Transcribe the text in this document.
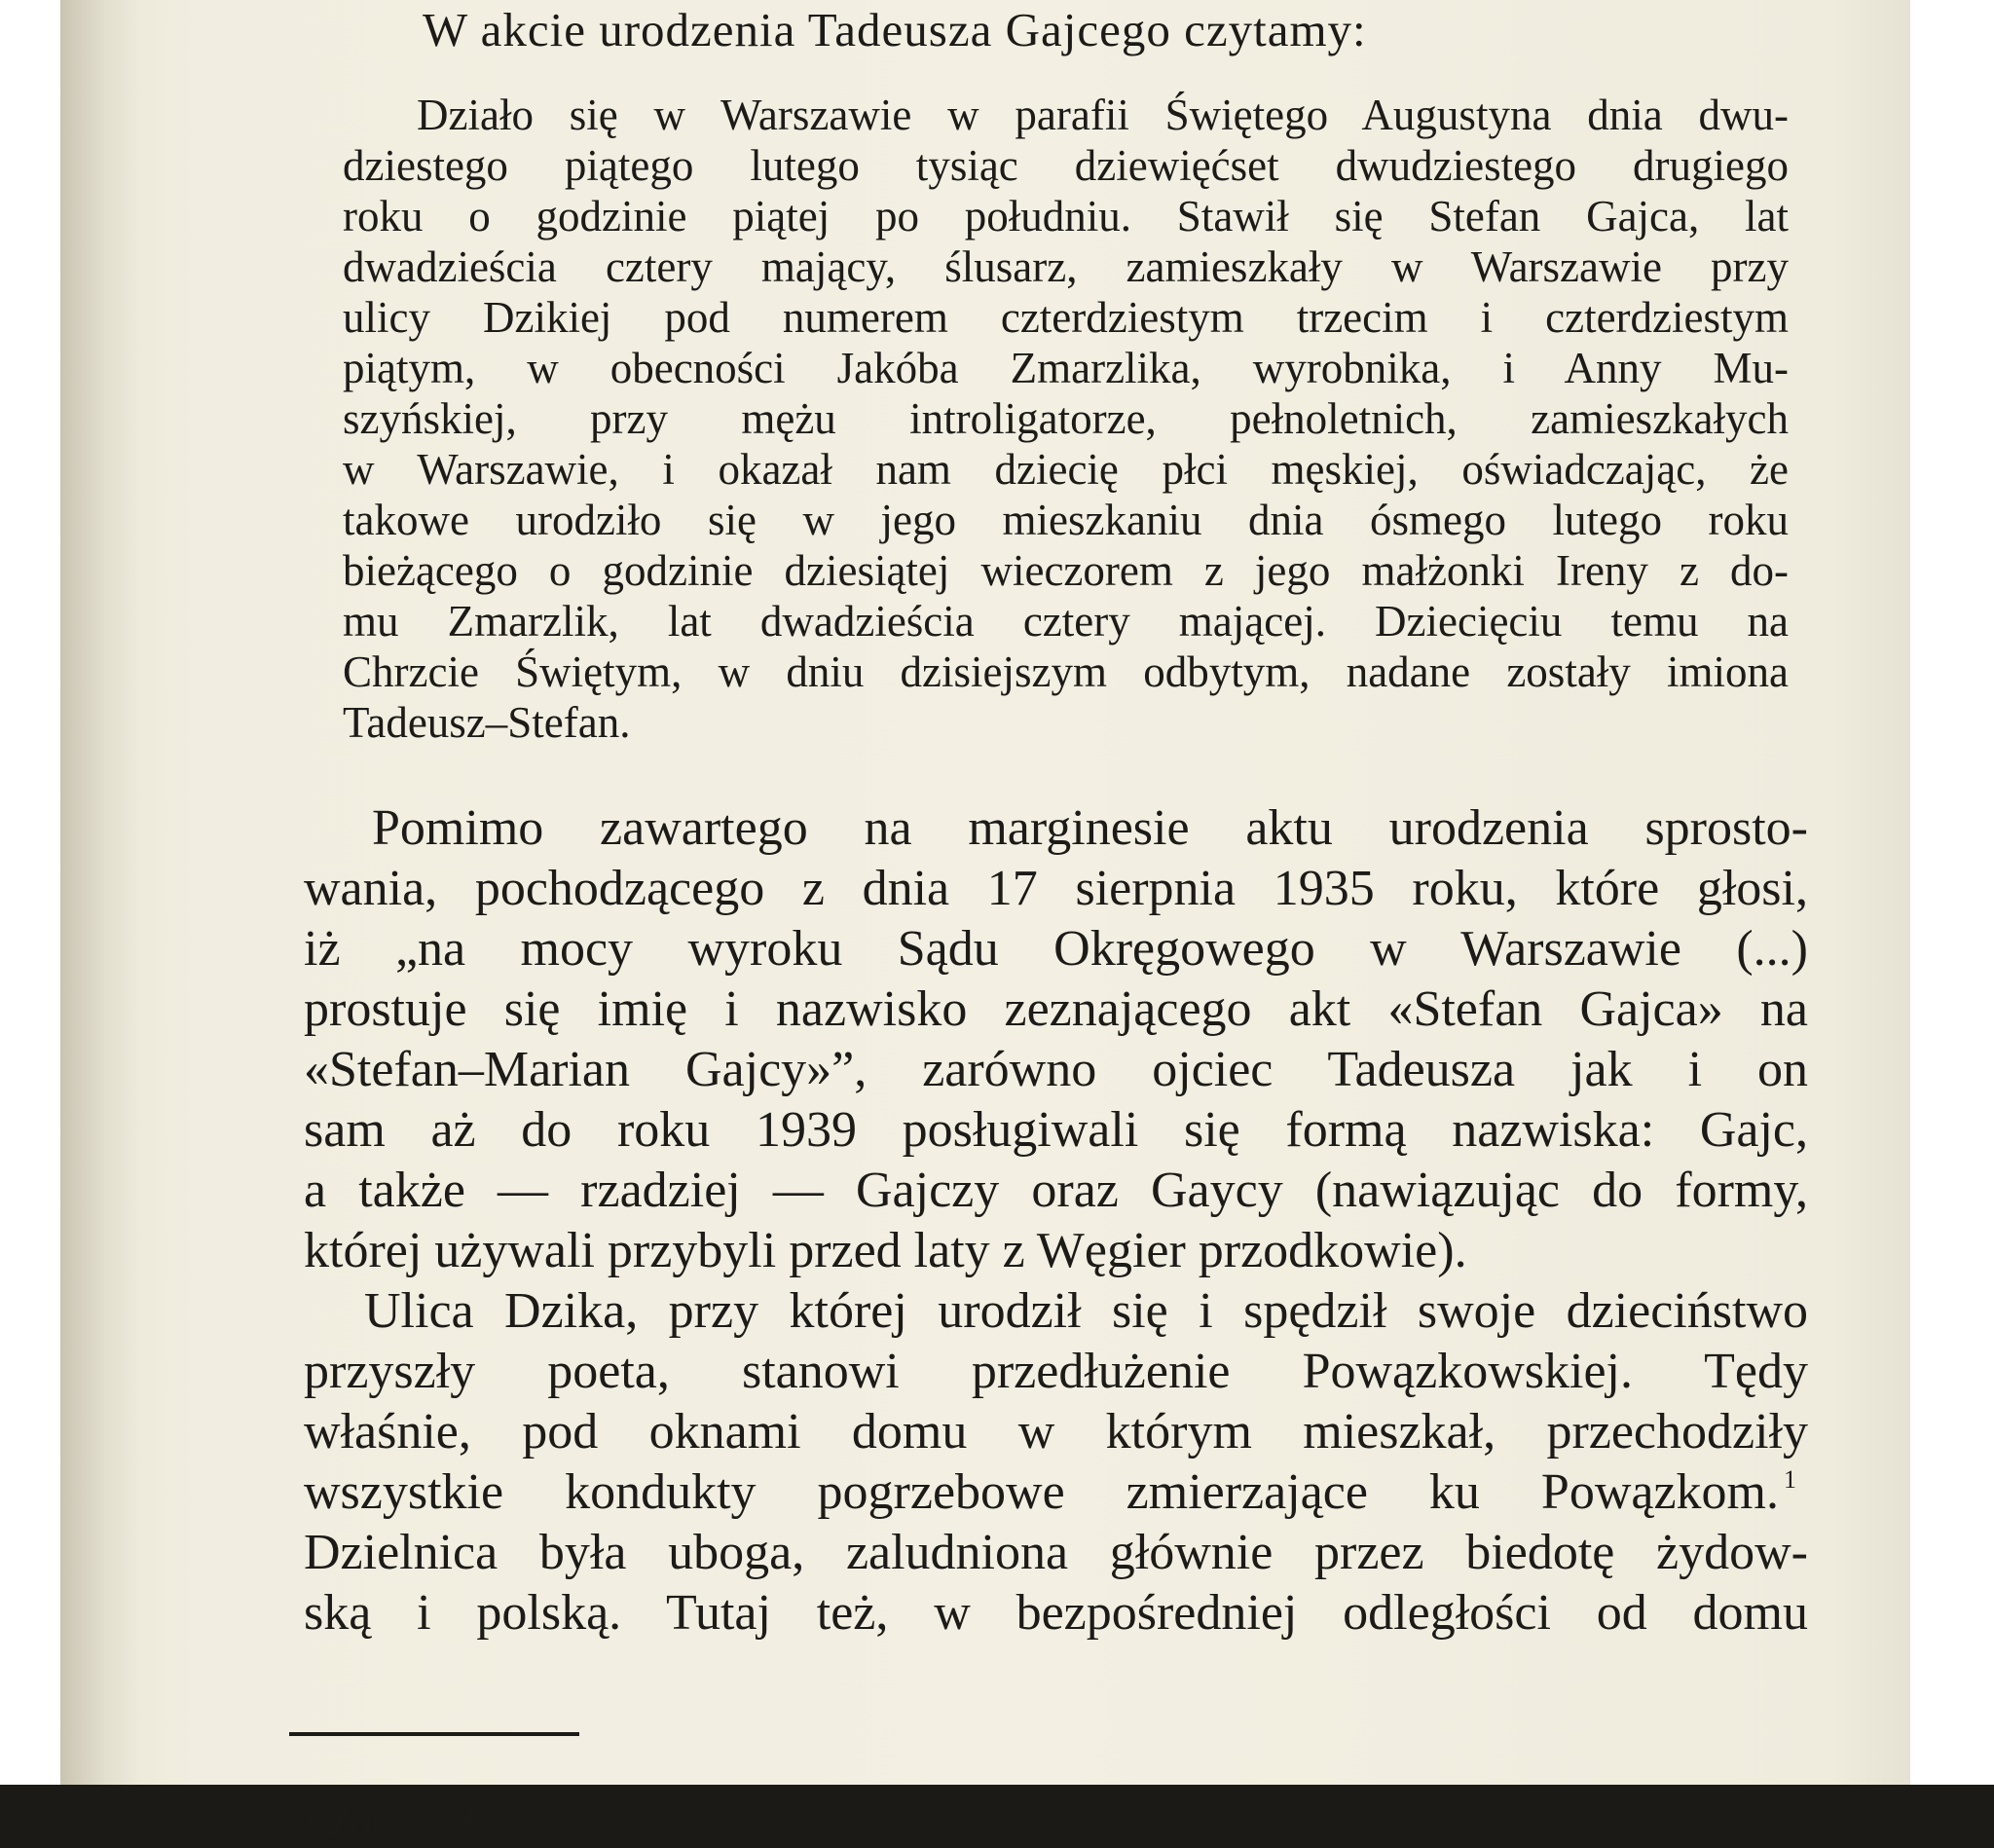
W akcie urodzenia Tadeusza Gajcego czytamy:

Działo się w Warszawie w parafii Świętego Augustyna dnia dwu-

dziestego piątego lutego tysiąc dziewięćset dwudziestego drugiego

roku o godzinie piątej po południu. Stawił się Stefan Gajca, lat

dwadzieścia cztery mający, ślusarz, zamieszkały w Warszawie przy

ulicy Dzikiej pod numerem czterdziestym trzecim i czterdziestym

piątym, w obecności Jakóba Zmarzlika, wyrobnika, i Anny Mu-

szyńskiej, przy mężu introligatorze, pełnoletnich, zamieszkałych

w Warszawie, i okazał nam dziecię płci męskiej, oświadczając, że

takowe urodziło się w jego mieszkaniu dnia ósmego lutego roku

bieżącego o godzinie dziesiątej wieczorem z jego małżonki Ireny z do-

mu Zmarzlik, lat dwadzieścia cztery mającej. Dziecięciu temu na

Chrzcie Świętym, w dniu dzisiejszym odbytym, nadane zostały imiona

Tadeusz–Stefan.

Pomimo zawartego na marginesie aktu urodzenia sprosto-

wania, pochodzącego z dnia 17 sierpnia 1935 roku, które głosi,

iż „na mocy wyroku Sądu Okręgowego w Warszawie (...)

prostuje się imię i nazwisko zeznającego akt «Stefan Gajca» na

«Stefan–Marian Gajcy»”, zarówno ojciec Tadeusza jak i on

sam aż do roku 1939 posługiwali się formą nazwiska: Gajc,

a także — rzadziej — Gajczy oraz Gaycy (nawiązując do formy,

której używali przybyli przed laty z Węgier przodkowie).

Ulica Dzika, przy której urodził się i spędził swoje dzieciństwo

przyszły poeta, stanowi przedłużenie Powązkowskiej. Tędy

właśnie, pod oknami domu w którym mieszkał, przechodziły

wszystkie kondukty pogrzebowe zmierzające ku Powązkom. 1

Dzielnica była uboga, zaludniona głównie przez biedotę żydow-

ską i polską. Tutaj też, w bezpośredniej odległości od domu

¹ Zob. ... Z...
